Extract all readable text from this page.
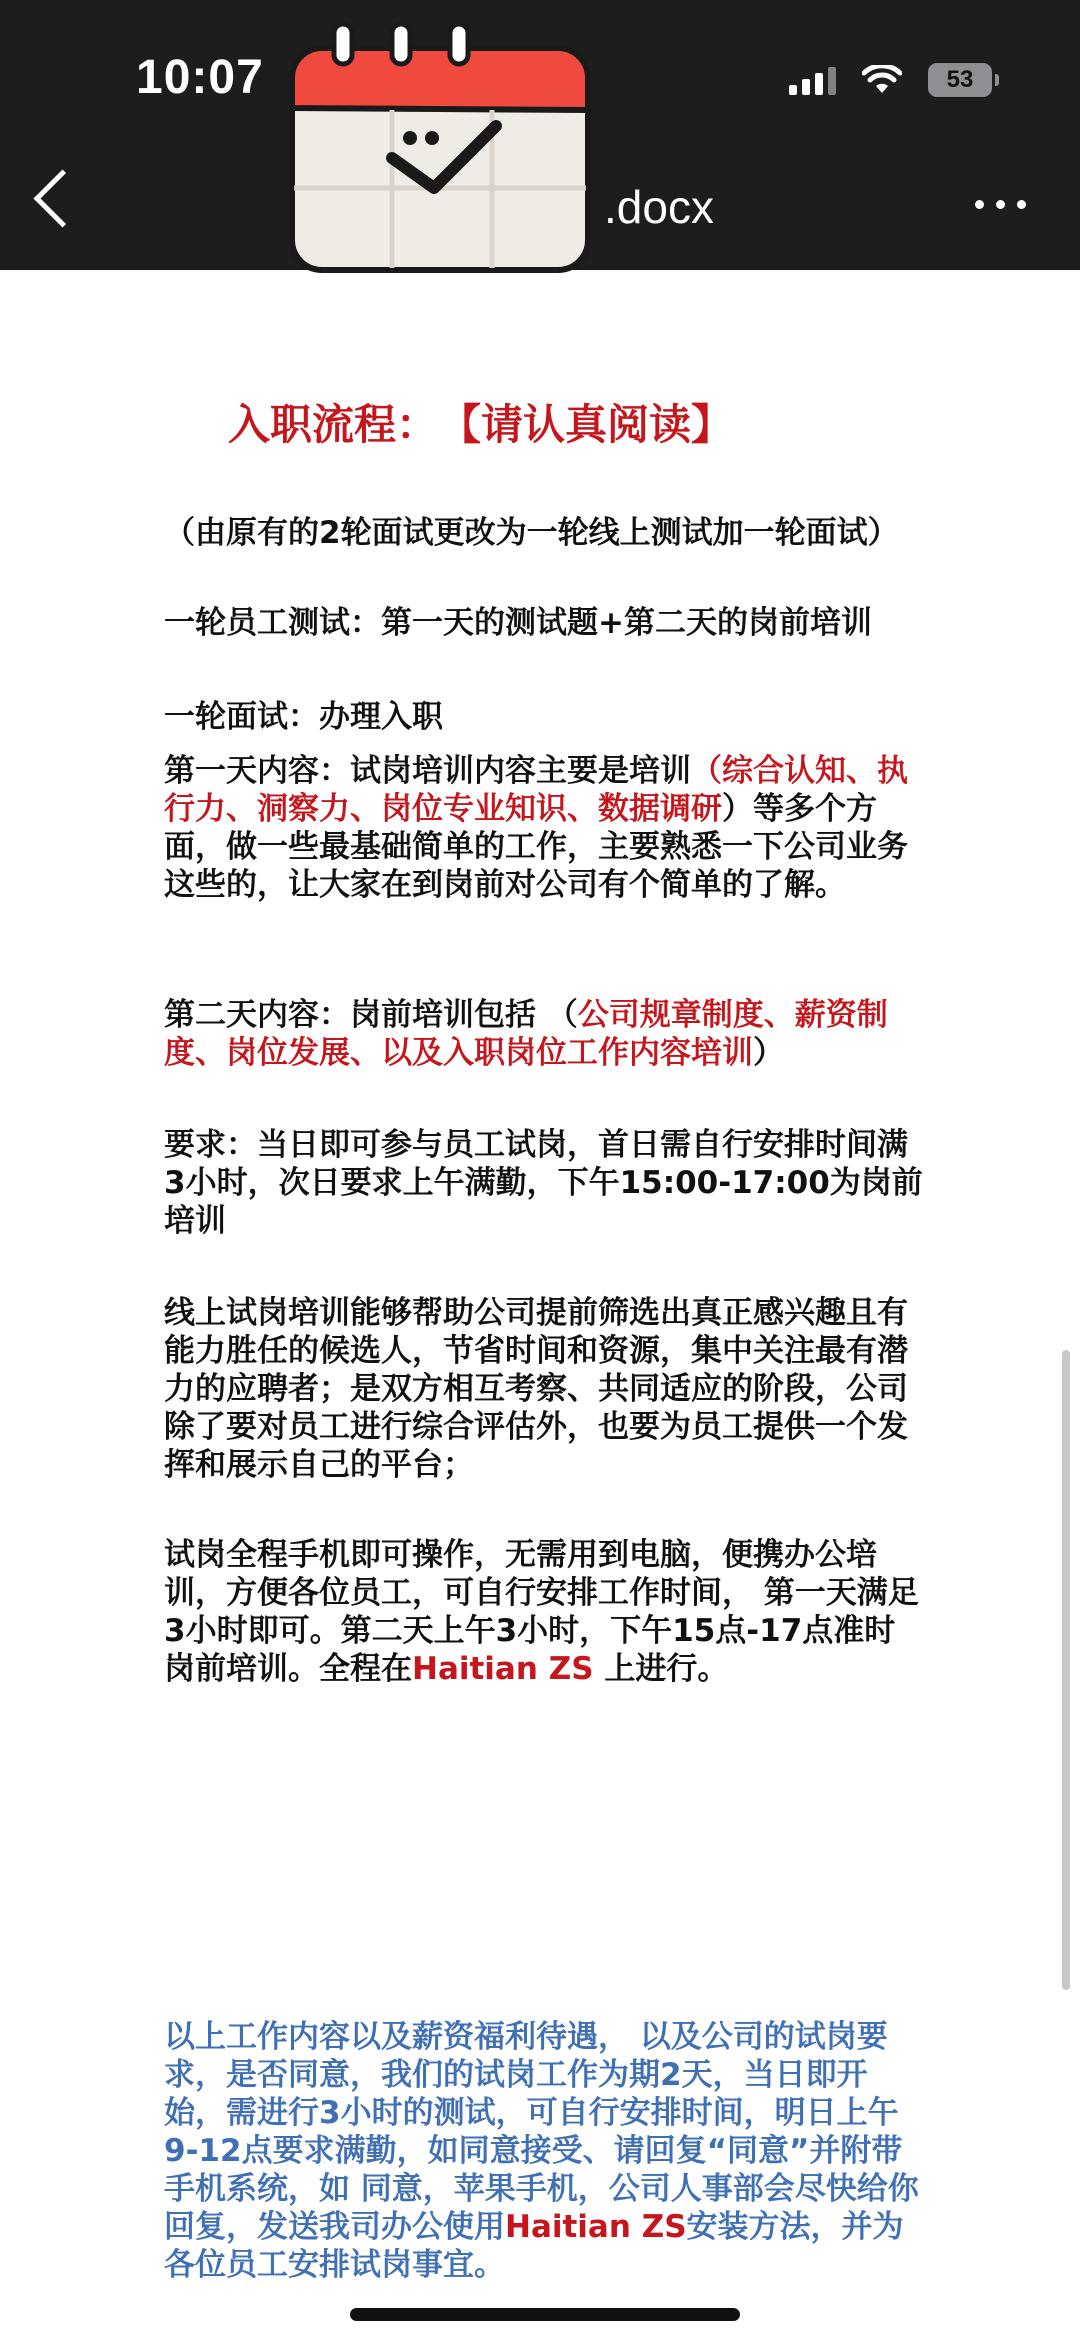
10:07	53
.docx
入职流程： 【请认真阅读】
（由原有的2轮面试更改为一轮线上测试加一轮面试）
一轮员工测试：第一天的测试题+第二天的岗前培训
一轮面试：办理入职
第一天内容：试岗培训内容主要是培训（综合认知、执行力、洞察力、岗位专业知识、数据调研）等多个方面，做一些最基础简单的工作，主要熟悉一下公司业务这些的，让大家在到岗前对公司有个简单的了解。
第二天内容：岗前培训包括 （公司规章制度、薪资制度、岗位发展、以及入职岗位工作内容培训）
要求：当日即可参与员工试岗，首日需自行安排时间满3小时，次日要求上午满勤，下午15:00-17:00为岗前培训
线上试岗培训能够帮助公司提前筛选出真正感兴趣且有能力胜任的候选人，节省时间和资源，集中关注最有潜力的应聘者；是双方相互考察、共同适应的阶段，公司除了要对员工进行综合评估外，也要为员工提供一个发挥和展示自己的平台；
试岗全程手机即可操作，无需用到电脑，便携办公培训，方便各位员工，可自行安排工作时间， 第一天满足3小时即可。第二天上午3小时，下午15点-17点准时岗前培训。全程在Haitian ZS 上进行。
以上工作内容以及薪资福利待遇， 以及公司的试岗要求，是否同意，我们的试岗工作为期2天，当日即开始，需进行3小时的测试，可自行安排时间，明日上午9-12点要求满勤，如同意接受、请回复“同意”并附带手机系统，如 同意，苹果手机，公司人事部会尽快给你回复，发送我司办公使用Haitian ZS安装方法，并为各位员工安排试岗事宜。
